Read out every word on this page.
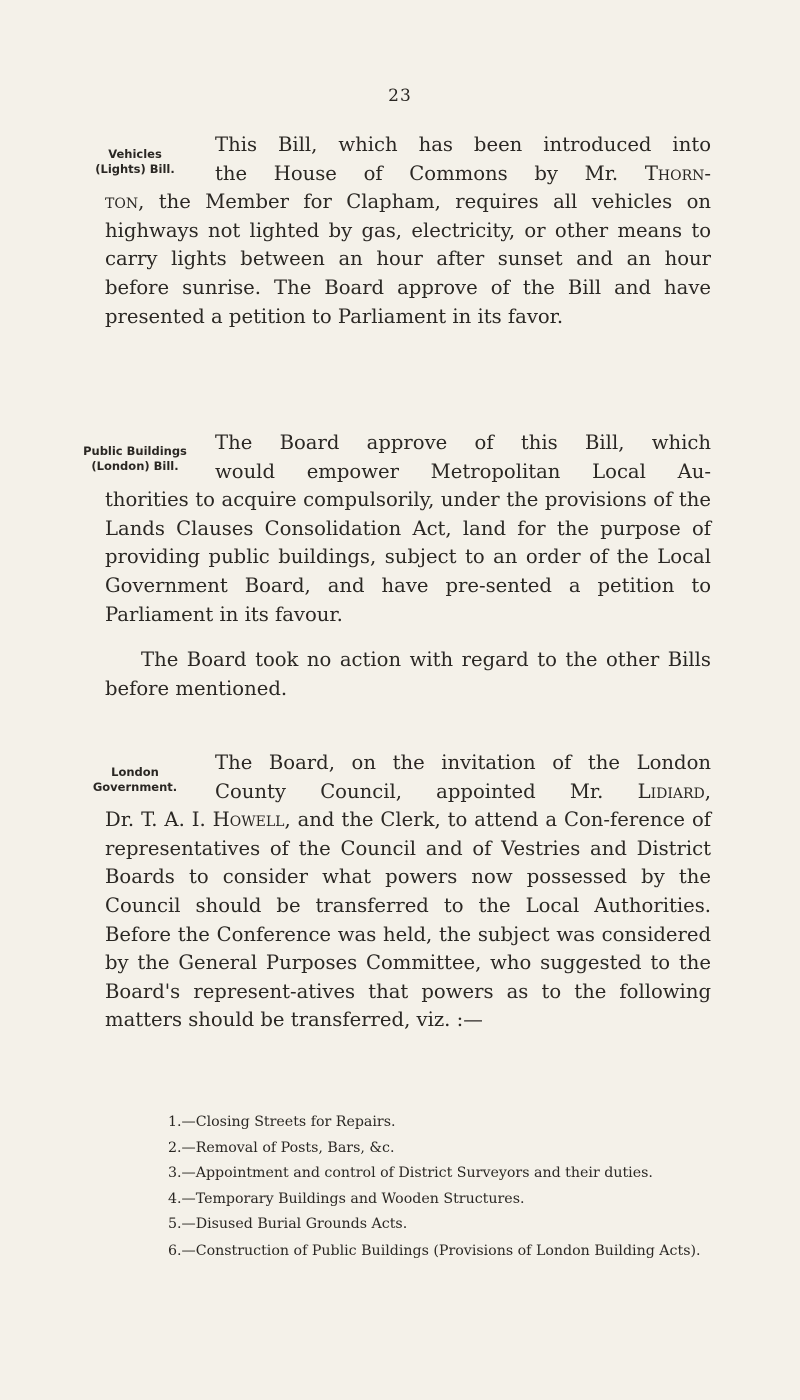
23
Vehicles
(Lights) Bill.
This Bill, which has been introduced into
the House of Commons by Mr. Thorn-
ton, the Member for Clapham, requires all vehicles on highways not lighted by gas, electricity, or other means to carry lights between an hour after sunset and an hour before sunrise. The Board approve of the Bill and have presented a petition to Parliament in its favor.
Public Buildings
(London) Bill.
The Board approve of this Bill, which
would empower Metropolitan Local Au-
thorities to acquire compulsorily, under the provisions of the Lands Clauses Consolidation Act, land for the purpose of providing public buildings, subject to an order of the Local Government Board, and have pre-sented a petition to Parliament in its favour.
The Board took no action with regard to the other Bills before mentioned.
London
Government.
The Board, on the invitation of the London
County Council, appointed Mr. Lidiard,
Dr. T. A. I. Howell, and the Clerk, to attend a Con-ference of representatives of the Council and of Vestries and District Boards to consider what powers now possessed by the Council should be transferred to the Local Authorities. Before the Conference was held, the subject was considered by the General Purposes Committee, who suggested to the Board's represent-atives that powers as to the following matters should be transferred, viz. :—
1.—Closing Streets for Repairs.
2.—Removal of Posts, Bars, &c.
3.—Appointment and control of District Surveyors and their duties.
4.—Temporary Buildings and Wooden Structures.
5.—Disused Burial Grounds Acts.
6.—Construction of Public Buildings (Provisions of London Building Acts).
